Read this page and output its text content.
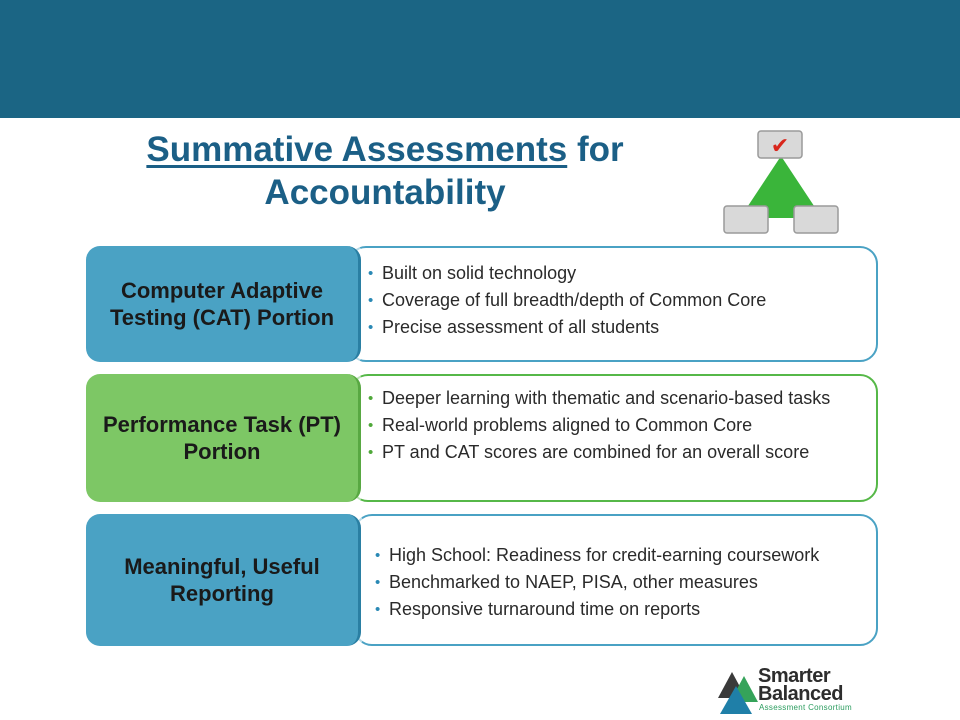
Summative Assessments for
Accountability
✔
Computer Adaptive
Testing (CAT) Portion
• Built on solid technology
• Coverage of full breadth/depth of Common Core
• Precise assessment of all students
Performance Task (PT)
Portion
• Deeper learning with thematic and scenario-based tasks
• Real-world problems aligned to Common Core
• PT and CAT scores are combined for an overall score
Meaningful, Useful
Reporting
• High School: Readiness for credit-earning coursework
• Benchmarked to NAEP, PISA, other measures
• Responsive turnaround time on reports
Smarter
Balanced
Assessment Consortium
